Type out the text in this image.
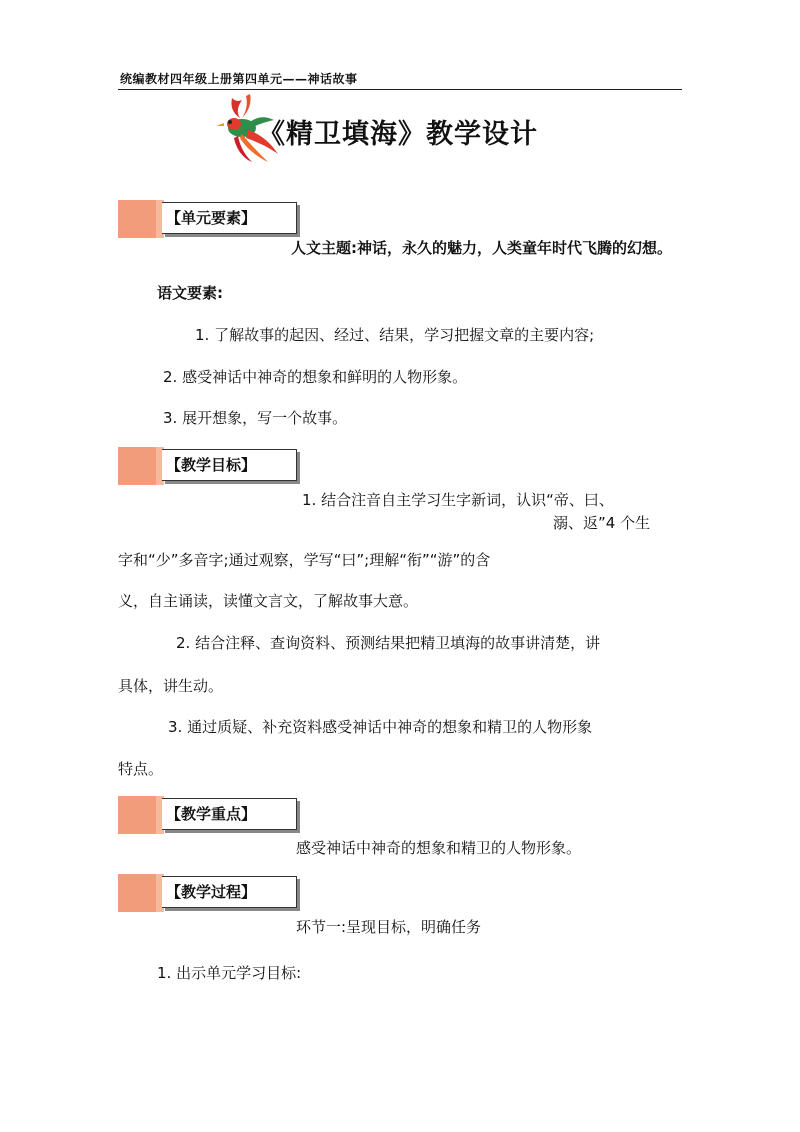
统编教材四年级上册第四单元——神话故事
《精卫填海》教学设计
【单元要素】
人文主题:神话，永久的魅力，人类童年时代飞腾的幻想。
语文要素:
1. 了解故事的起因、经过、结果，学习把握文章的主要内容;
2. 感受神话中神奇的想象和鲜明的人物形象。
3. 展开想象，写一个故事。
【教学目标】
1. 结合注音自主学习生字新词，认识“帝、曰、
溺、返”4 个生
字和“少”多音字;通过观察，学写“曰”;理解“衔”“游”的含
义，自主诵读，读懂文言文，了解故事大意。
2. 结合注释、查询资料、预测结果把精卫填海的故事讲清楚，讲
具体，讲生动。
3. 通过质疑、补充资料感受神话中神奇的想象和精卫的人物形象
特点。
【教学重点】
感受神话中神奇的想象和精卫的人物形象。
【教学过程】
环节一:呈现目标，明确任务
1. 出示单元学习目标:
